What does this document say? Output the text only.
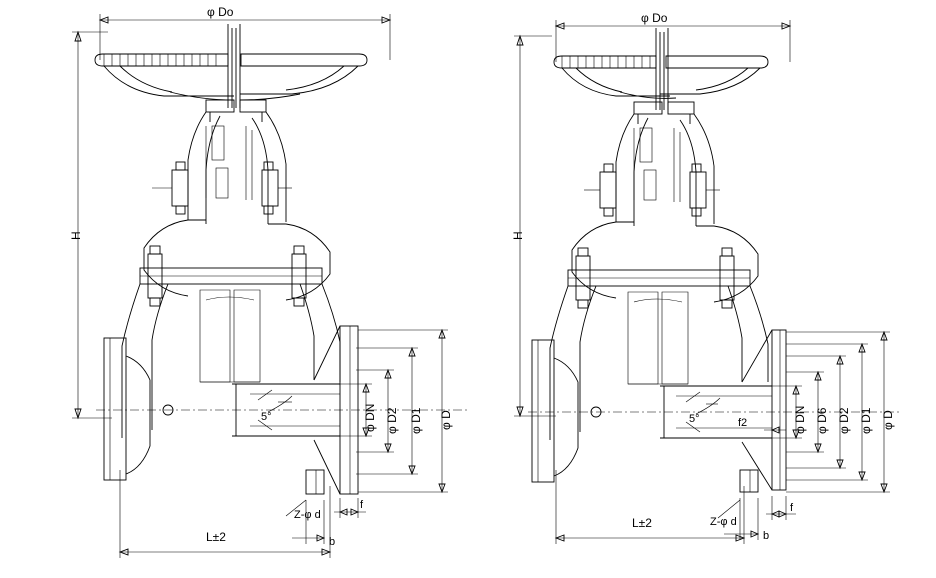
φ Do
H
L±2
5°	φ DN φ D2 φ D1 φ D
Z-φ d
b
f
φ Do
H
L±2
5°	f2	φ DN φ D6 φ D2 φ D1 φ D
Z-φ d
b
f
